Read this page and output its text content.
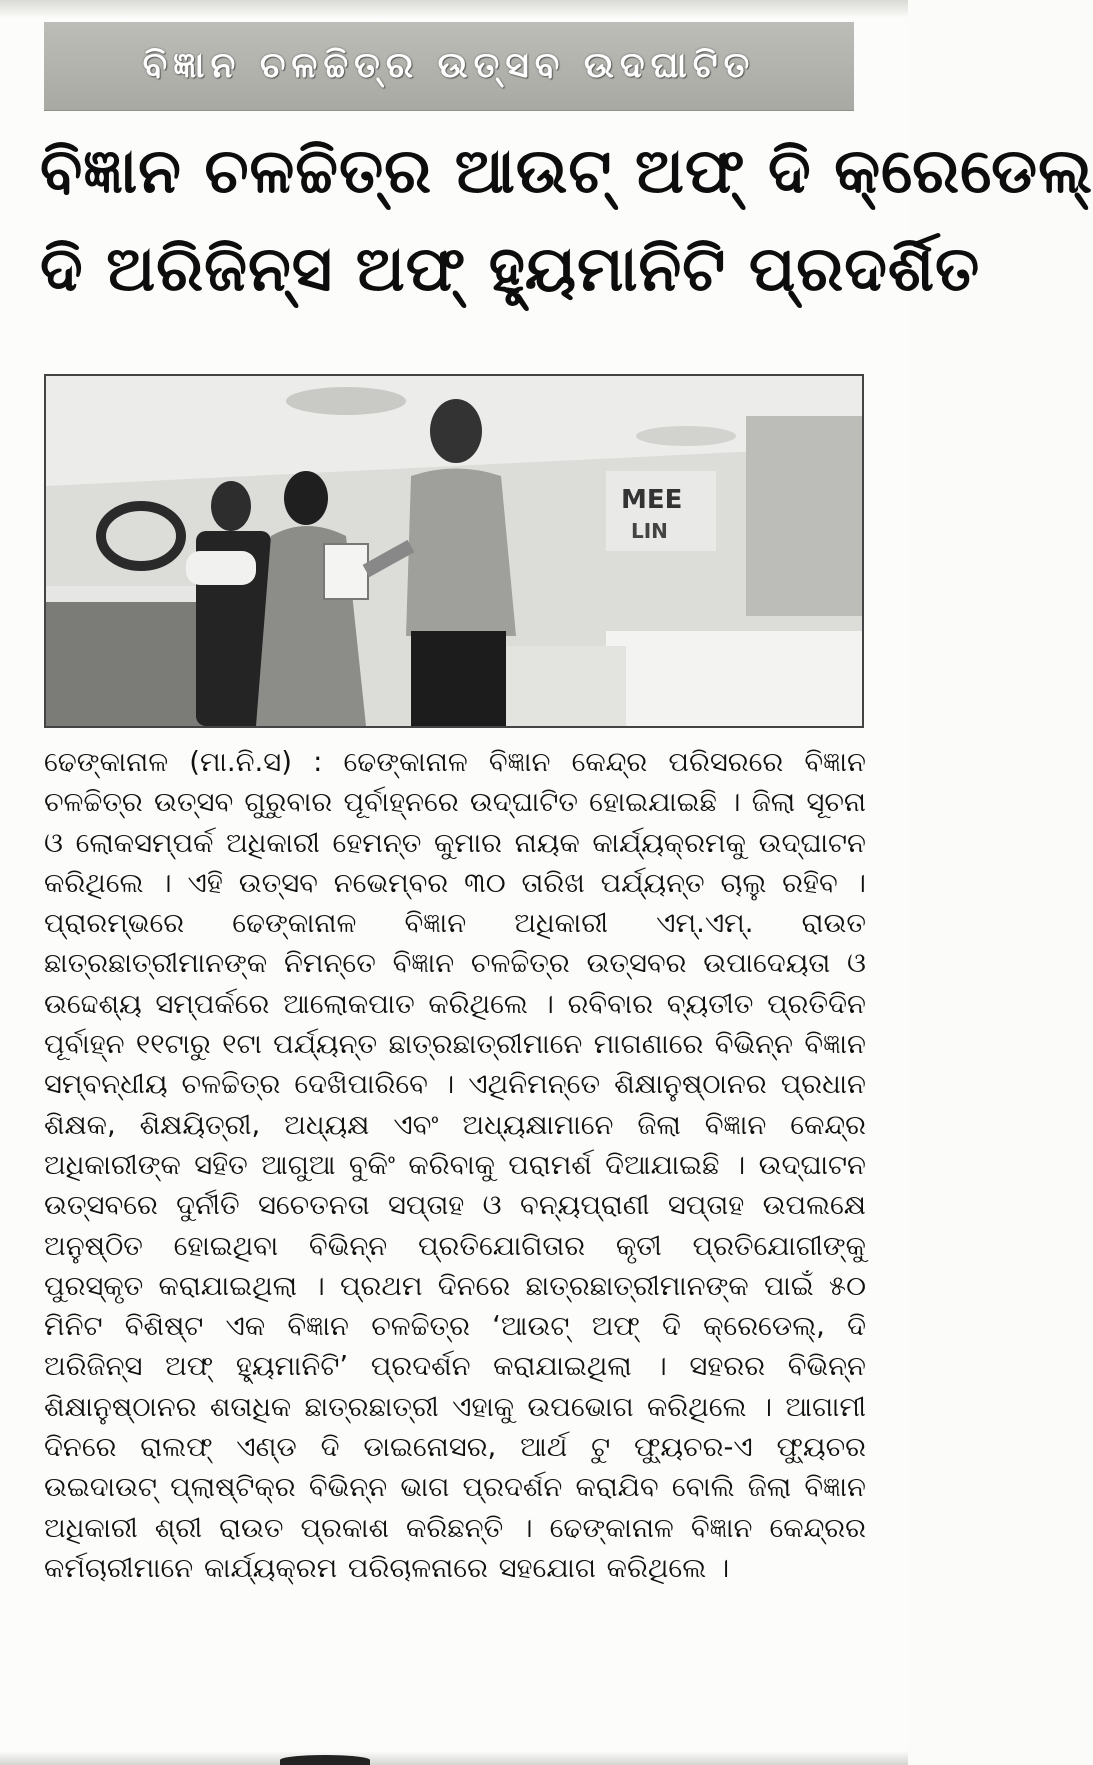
ବିଜ୍ଞାନ ଚଳଚ୍ଚିତ୍ର ଉତ୍ସବ ଉଦଘାଟିତ
ବିଜ୍ଞାନ ଚଳଚ୍ଚିତ୍ର ଆଉଟ୍ ଅଫ୍ ଦି କ୍ରେଡେଲ୍
ଦି ଅରିଜିନ୍ସ ଅଫ୍ ହ୍ୟୁମାନିଟି ପ୍ରଦର୍ଶିତ
MEE
LIN
ଢେଙ୍କାନାଳ (ମା.ନି.ସ) : ଢେଙ୍କାନାଳ ବିଜ୍ଞାନ କେନ୍ଦ୍ର ପରିସରରେ ବିଜ୍ଞାନ ଚଳଚ୍ଚିତ୍ର ଉତ୍ସବ ଗୁରୁବାର ପୂର୍ବାହ୍ନରେ ଉଦ୍‌ଘାଟିତ ହୋଇଯାଇଛି । ଜିଲା ସୂଚନା ଓ ଲୋକସମ୍ପର୍କ ଅଧିକାରୀ ହେମନ୍ତ କୁମାର ନାୟକ କାର୍ଯ୍ୟକ୍ରମକୁ ଉଦ୍‌ଘାଟନ କରିଥିଲେ । ଏହି ଉତ୍ସବ ନଭେମ୍ବର ୩୦ ତାରିଖ ପର୍ଯ୍ୟନ୍ତ ଚାଲୁ ରହିବ । ପ୍ରାରମ୍ଭରେ ଢେଙ୍କାନାଳ ବିଜ୍ଞାନ ଅଧିକାରୀ ଏମ୍.ଏମ୍. ରାଉତ ଛାତ୍ରଛାତ୍ରୀମାନଙ୍କ ନିମନ୍ତେ ବିଜ୍ଞାନ ଚଳଚ୍ଚିତ୍ର ଉତ୍ସବର ଉପାଦେୟତା ଓ ଉଦ୍ଦେଶ୍ୟ ସମ୍ପର୍କରେ ଆଲୋକପାତ କରିଥିଲେ । ରବିବାର ବ୍ୟତୀତ ପ୍ରତିଦିନ ପୂର୍ବାହ୍ନ ୧୧ଟାରୁ ୧ଟା ପର୍ଯ୍ୟନ୍ତ ଛାତ୍ରଛାତ୍ରୀମାନେ ମାଗଣାରେ ବିଭିନ୍ନ ବିଜ୍ଞାନ ସମ୍ବନ୍ଧୀୟ ଚଳଚ୍ଚିତ୍ର ଦେଖିପାରିବେ । ଏଥିନିମନ୍ତେ ଶିକ୍ଷାନୁଷ୍ଠାନର ପ୍ରଧାନ ଶିକ୍ଷକ, ଶିକ୍ଷୟିତ୍ରୀ, ଅଧ୍ୟକ୍ଷ ଏବଂ ଅଧ୍ୟକ୍ଷାମାନେ ଜିଲା ବିଜ୍ଞାନ କେନ୍ଦ୍ର ଅଧିକାରୀଙ୍କ ସହିତ ଆଗୁଆ ବୁକିଂ କରିବାକୁ ପରାମର୍ଶ ଦିଆଯାଇଛି । ଉଦ୍‌ଘାଟନ ଉତ୍ସବରେ ଦୁର୍ନୀତି ସଚେତନତା ସପ୍ତାହ ଓ ବନ୍ୟପ୍ରାଣୀ ସପ୍ତାହ ଉପଲକ୍ଷେ ଅନୁଷ୍ଠିତ ହୋଇଥିବା ବିଭିନ୍ନ ପ୍ରତିଯୋଗିତାର କୃତୀ ପ୍ରତିଯୋଗୀଙ୍କୁ ପୁରସ୍କୃତ କରାଯାଇଥିଲା । ପ୍ରଥମ ଦିନରେ ଛାତ୍ରଛାତ୍ରୀମାନଙ୍କ ପାଇଁ ୫୦ ମିନିଟ ବିଶିଷ୍ଟ ଏକ ବିଜ୍ଞାନ ଚଳଚ୍ଚିତ୍ର ‘ଆଉଟ୍ ଅଫ୍ ଦି କ୍ରେଡେଲ୍, ଦି ଅରିଜିନ୍ସ ଅଫ୍ ହ୍ୟୁମାନିଟି’ ପ୍ରଦର୍ଶନ କରାଯାଇଥିଲା । ସହରର ବିଭିନ୍ନ ଶିକ୍ଷାନୁଷ୍ଠାନର ଶତାଧିକ ଛାତ୍ରଛାତ୍ରୀ ଏହାକୁ ଉପଭୋଗ କରିଥିଲେ । ଆଗାମୀ ଦିନରେ ରାଲଫ୍ ଏଣ୍ଡ ଦି ଡାଇନୋସର, ଆର୍ଥ ଟୁ ଫ୍ୟୁଚର-ଏ ଫ୍ୟୁଚର ଉଇଦାଉଟ୍ ପ୍ଲାଷ୍ଟିକ୍‌ର ବିଭିନ୍ନ ଭାଗ ପ୍ରଦର୍ଶନ କରାଯିବ ବୋଲି ଜିଲା ବିଜ୍ଞାନ ଅଧିକାରୀ ଶ୍ରୀ ରାଉତ ପ୍ରକାଶ କରିଛନ୍ତି । ଢେଙ୍କାନାଳ ବିଜ୍ଞାନ କେନ୍ଦ୍ରର କର୍ମଚାରୀମାନେ କାର୍ଯ୍ୟକ୍ରମ ପରିଚାଳନାରେ ସହଯୋଗ କରିଥିଲେ ।
